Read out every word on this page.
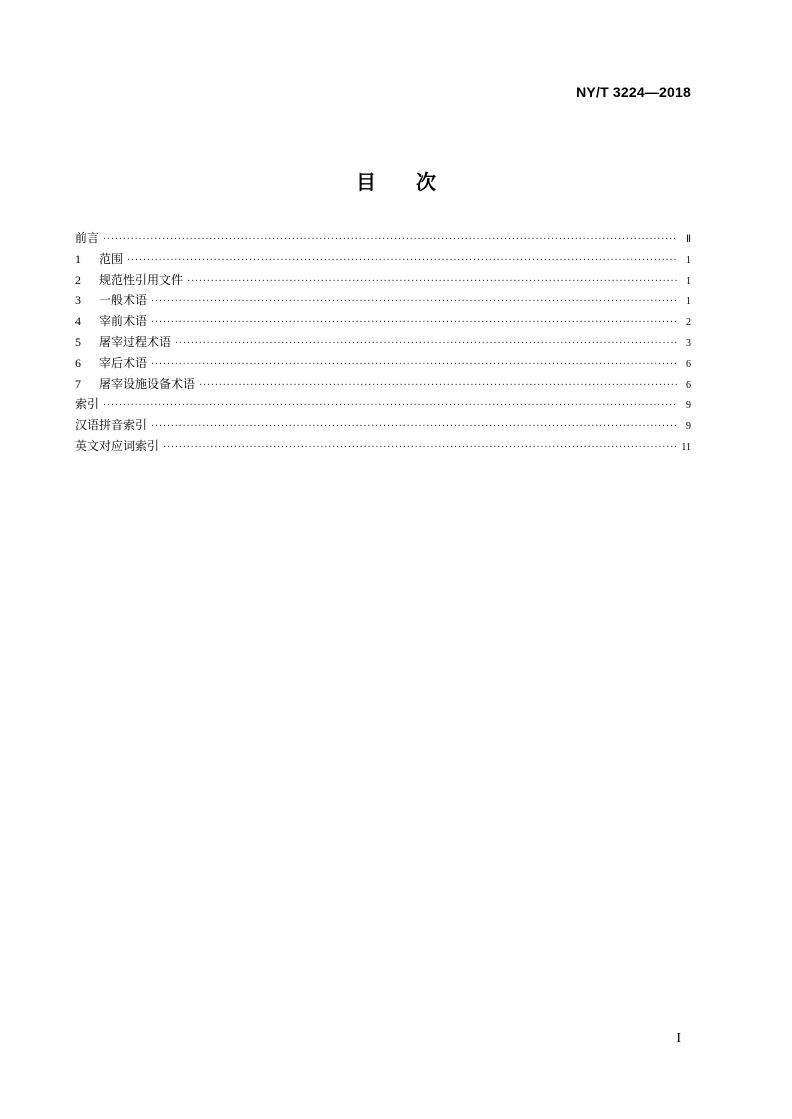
NY/T 3224—2018
目次
前言 ·····	Ⅱ
1	范围 ·····	1
2	规范性引用文件 ·····	1
3	一般术语 ·····	1
4	宰前术语 ·····	2
5	屠宰过程术语 ·····	3
6	宰后术语 ·····	6
7	屠宰设施设备术语 ·····	6
索引 ·····	9
汉语拼音索引 ·····	9
英文对应词索引 ·····	11
I
